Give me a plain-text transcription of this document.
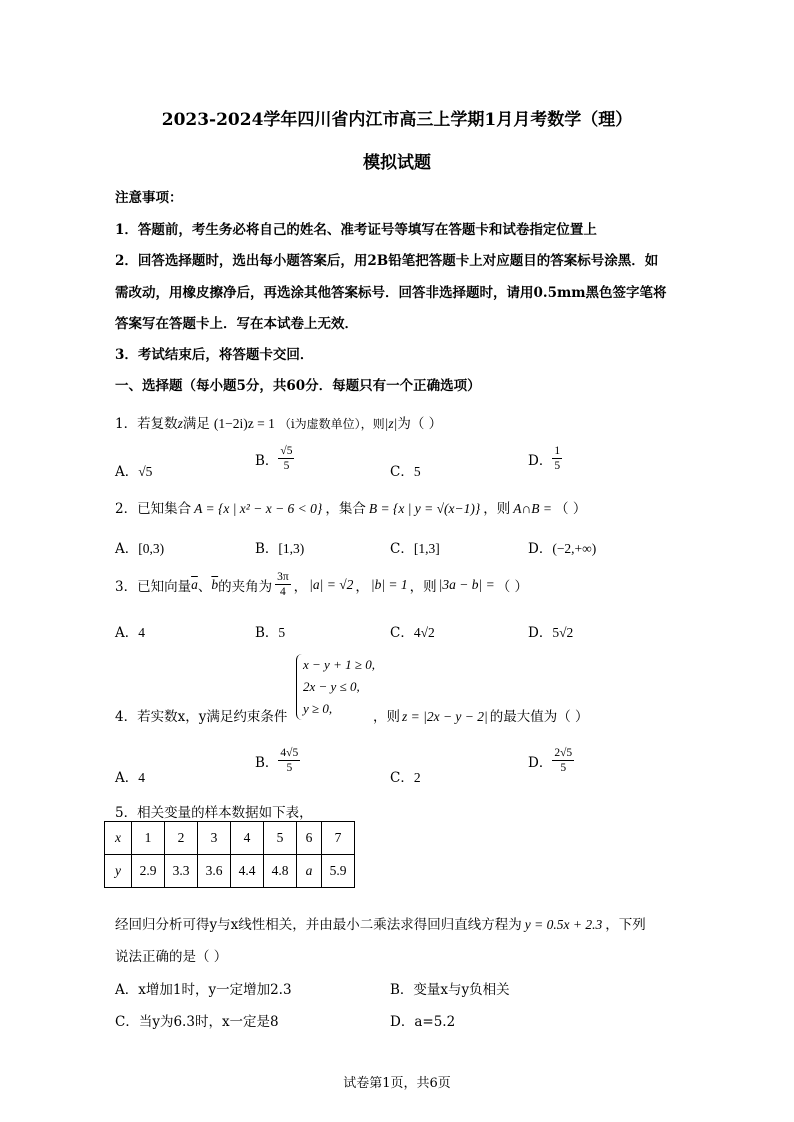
2023-2024学年四川省内江市高三上学期1月月考数学（理）
模拟试题
注意事项：
1．答题前，考生务必将自己的姓名、准考证号等填写在答题卡和试卷指定位置上
2．回答选择题时，选出每小题答案后，用2B铅笔把答题卡上对应题目的答案标号涂黑．如
需改动，用橡皮擦净后，再选涂其他答案标号．回答非选择题时，请用0.5mm黑色签字笔将
答案写在答题卡上．写在本试卷上无效．
3．考试结束后，将答题卡交回．
一、选择题（每小题5分，共60分．每题只有一个正确选项）
1．若复数z满足 (1−2i)z = 1 （i为虚数单位），则|z|为（ ）
A．√5
B． $\frac{√5}{5}$	C．5
D． $\frac{1}{5}$
2．已知集合 A = {x | x² − x − 6 < 0} ，集合 B = {x | y = √(x−1)} ，则 A∩B = （ ）
A．[0,3)	B．[1,3)	C．[1,3]	D．(−2,+∞)
3．已知向量$\overline{a}$、$\overline{b}$的夹角为 $\frac{3\pi}{4}$ ， |a| = √2 ， |b| = 1 ，则 |3a − b| = （ ）
A．4	B．5	C．4√2	D．5√2
x − y + 1 ≥ 0,
2x − y ≤ 0,
y ≥ 0,
4．若实数x，y满足约束条件	，则 z = |2x − y − 2| 的最大值为（ ）
A．4
B． $\frac{4√5}{5}$
C．2
D． $\frac{2√5}{5}$
5．相关变量的样本数据如下表，
x	1	2	3	4	5	6	7
y	2.9	3.3	3.6	4.4	4.8	a	5.9
经回归分析可得y与x线性相关，并由最小二乘法求得回归直线方程为 y = 0.5x + 2.3 ，下列
说法正确的是（ ）
A．x增加1时，y一定增加2.3	B．变量x与y负相关
C．当y为6.3时，x一定是8	D．a=5.2
试卷第1页，共6页
